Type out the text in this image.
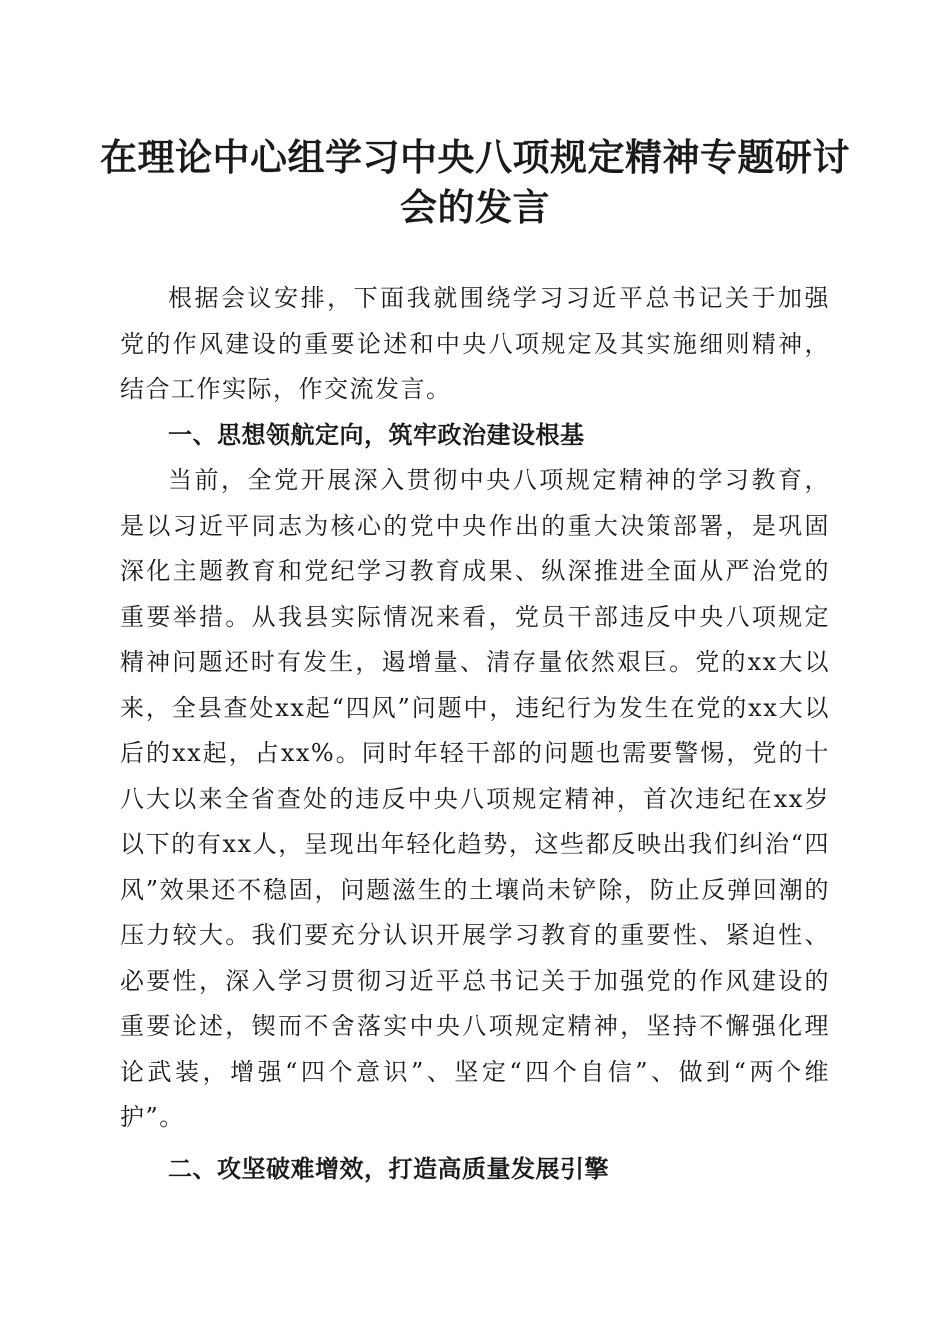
在理论中心组学习中央八项规定精神专题研讨会的发言

根据会议安排，下面我就围绕学习习近平总书记关于加强党的作风建设的重要论述和中央八项规定及其实施细则精神，结合工作实际，作交流发言。

一、思想领航定向，筑牢政治建设根基

当前，全党开展深入贯彻中央八项规定精神的学习教育，是以习近平同志为核心的党中央作出的重大决策部署，是巩固深化主题教育和党纪学习教育成果、纵深推进全面从严治党的重要举措。从我县实际情况来看，党员干部违反中央八项规定精神问题还时有发生，遏增量、清存量依然艰巨。党的xx大以来，全县查处xx起“四风”问题中，违纪行为发生在党的xx大以后的xx起，占xx%。同时年轻干部的问题也需要警惕，党的十八大以来全省查处的违反中央八项规定精神，首次违纪在xx岁以下的有xx人，呈现出年轻化趋势，这些都反映出我们纠治“四风”效果还不稳固，问题滋生的土壤尚未铲除，防止反弹回潮的压力较大。我们要充分认识开展学习教育的重要性、紧迫性、必要性，深入学习贯彻习近平总书记关于加强党的作风建设的重要论述，锲而不舍落实中央八项规定精神，坚持不懈强化理论武装，增强“四个意识”、坚定“四个自信”、做到“两个维护”。

二、攻坚破难增效，打造高质量发展引擎
